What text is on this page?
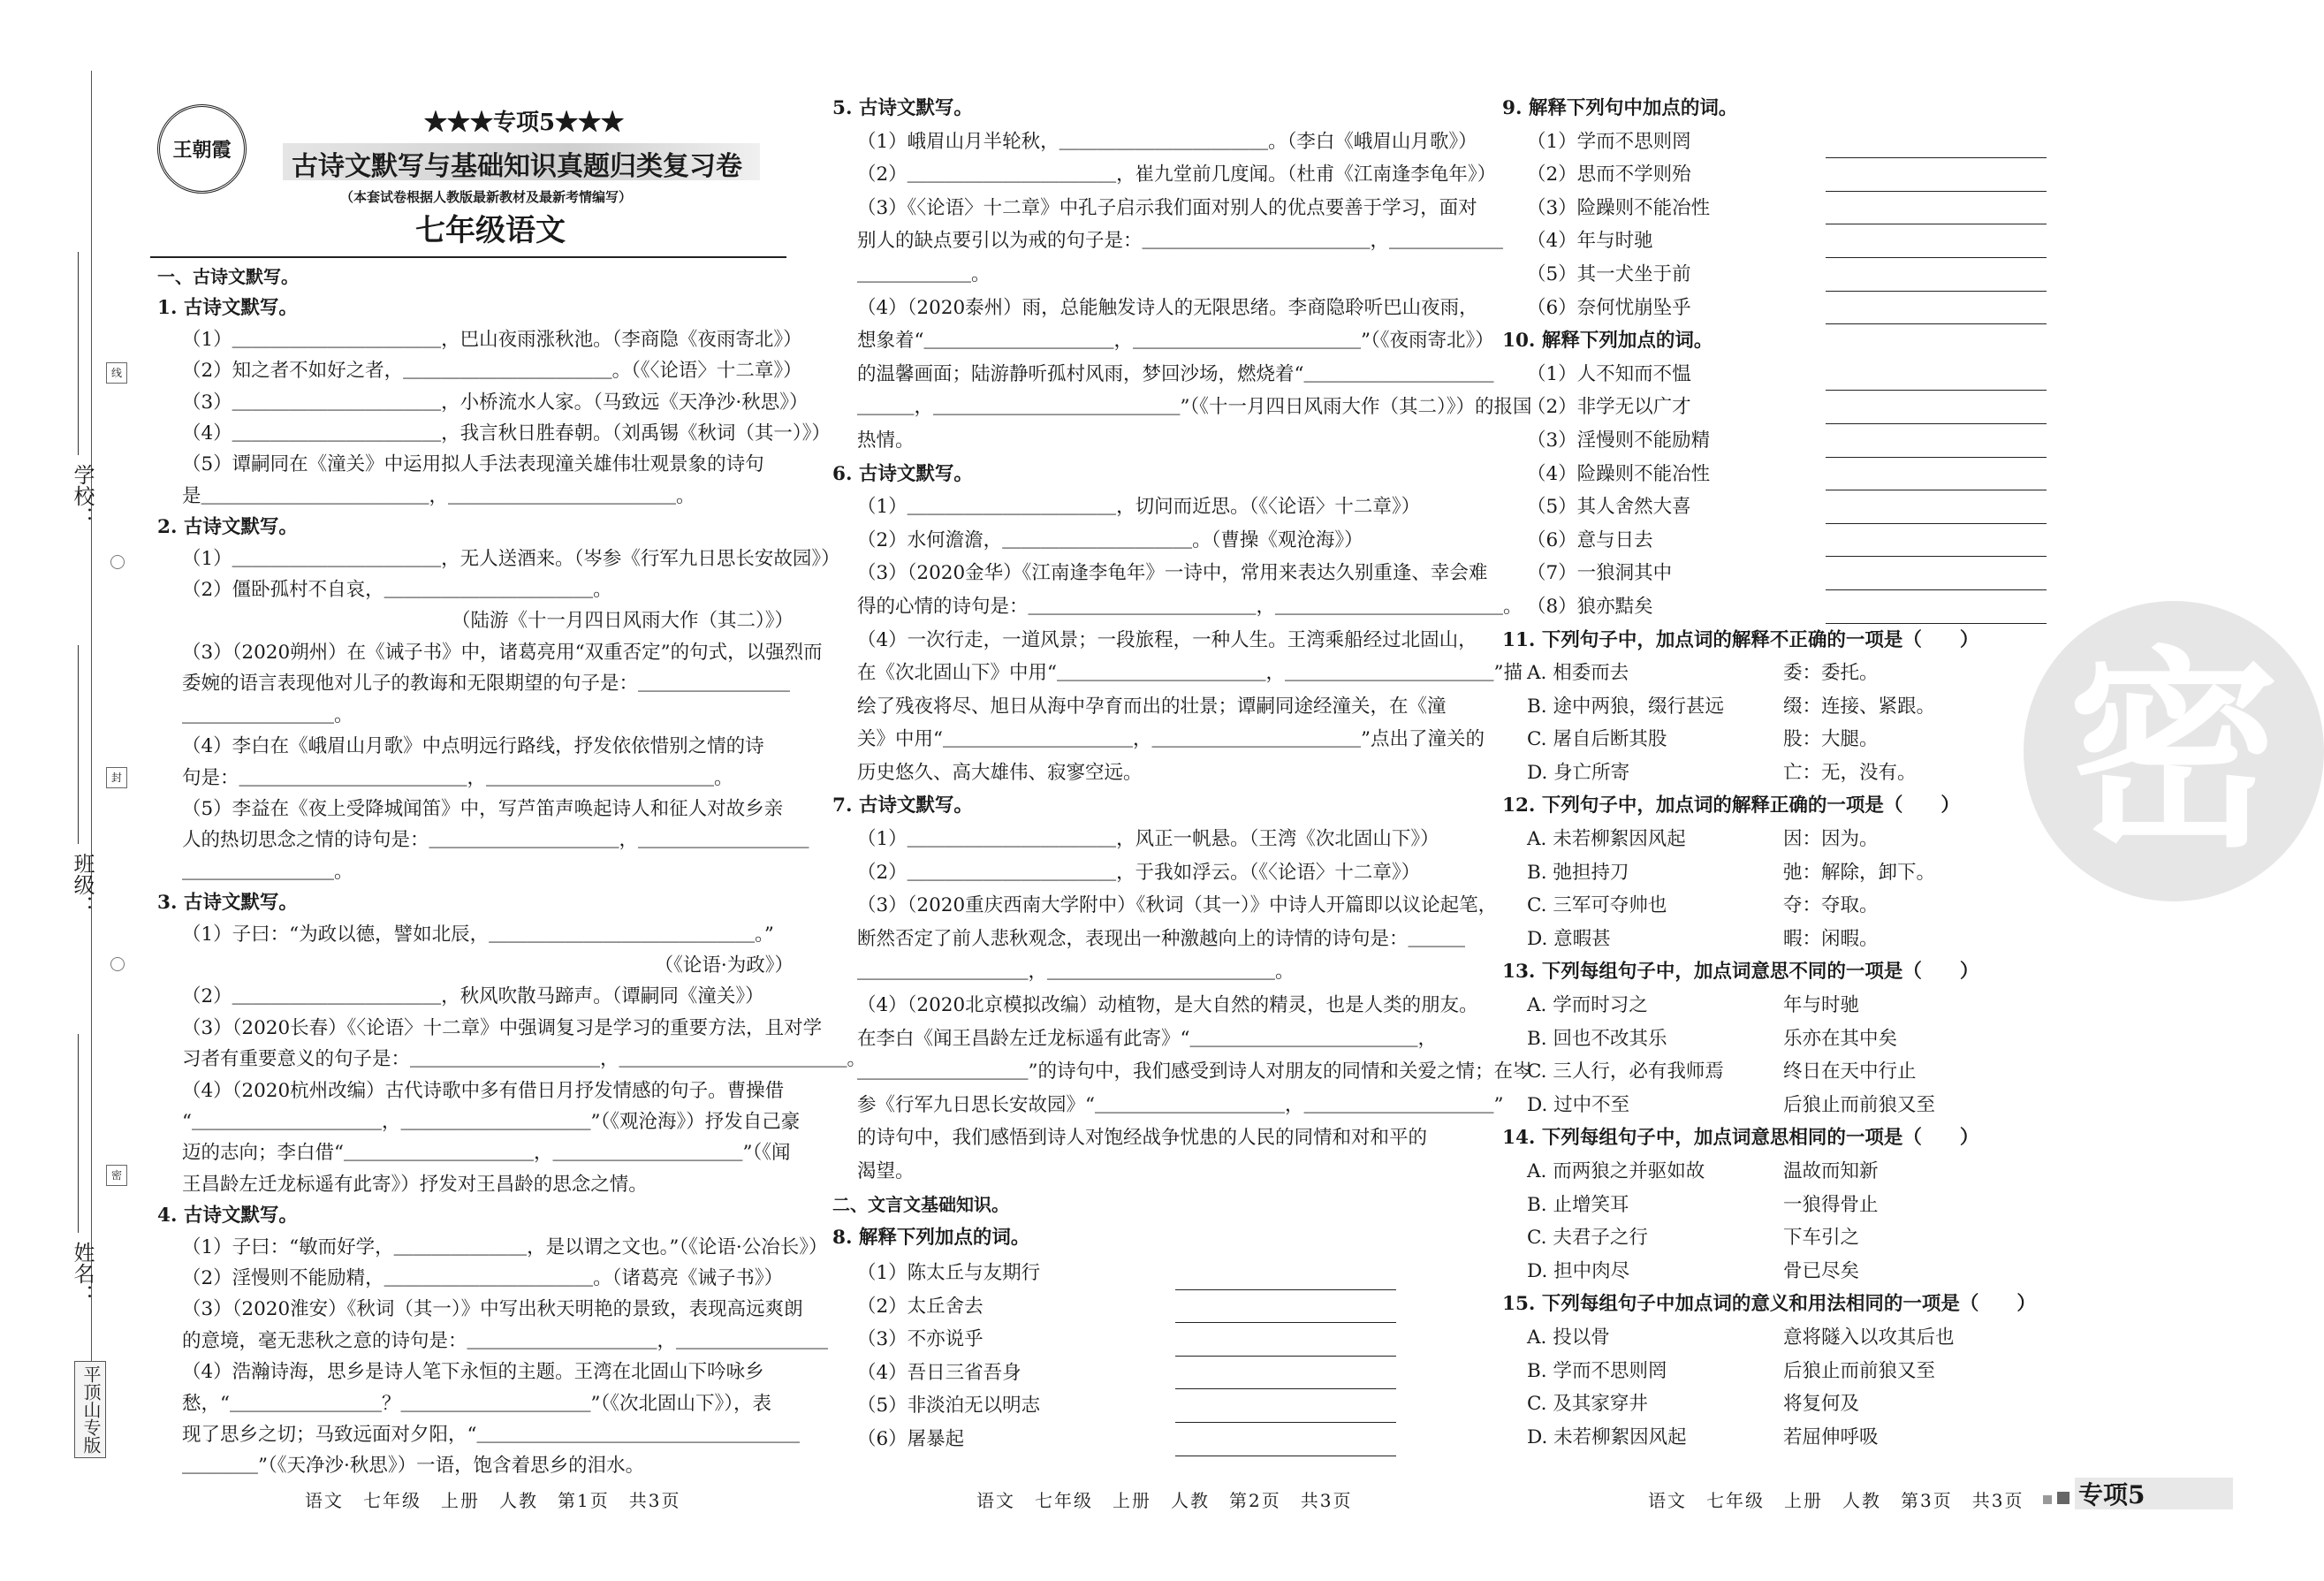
学校：
班级：
姓名：
线
封
密
平顶山专版
王朝霞
★★★专项5★★★
古诗文默写与基础知识真题归类复习卷
（本套试卷根据人教版最新教材及最新考情编写）
七年级语文

一、古诗文默写。

1. 古诗文默写。

（1）＿＿＿＿＿＿＿＿＿＿＿，巴山夜雨涨秋池。（李商隐《夜雨寄北》）

（2）知之者不如好之者，＿＿＿＿＿＿＿＿＿＿＿。（《〈论语〉十二章》）

（3）＿＿＿＿＿＿＿＿＿＿＿，小桥流水人家。（马致远《天净沙·秋思》）

（4）＿＿＿＿＿＿＿＿＿＿＿，我言秋日胜春朝。（刘禹锡《秋词（其一）》）

（5）谭嗣同在《潼关》中运用拟人手法表现潼关雄伟壮观景象的诗句

是＿＿＿＿＿＿＿＿＿＿＿＿，＿＿＿＿＿＿＿＿＿＿＿＿。

2. 古诗文默写。

（1）＿＿＿＿＿＿＿＿＿＿＿，无人送酒来。（岑参《行军九日思长安故园》）

（2）僵卧孤村不自哀，＿＿＿＿＿＿＿＿＿＿＿。

（陆游《十一月四日风雨大作（其二）》）

（3）（2020朔州）在《诫子书》中，诸葛亮用“双重否定”的句式，以强烈而

委婉的语言表现他对儿子的教诲和无限期望的句子是：＿＿＿＿＿＿＿＿

＿＿＿＿＿＿＿＿。

（4）李白在《峨眉山月歌》中点明远行路线，抒发依依惜别之情的诗

句是：＿＿＿＿＿＿＿＿＿＿＿＿，＿＿＿＿＿＿＿＿＿＿＿＿。

（5）李益在《夜上受降城闻笛》中，写芦笛声唤起诗人和征人对故乡亲

人的热切思念之情的诗句是：＿＿＿＿＿＿＿＿＿＿，＿＿＿＿＿＿＿＿＿

＿＿＿＿＿＿＿＿。

3. 古诗文默写。

（1）子曰：“为政以德，譬如北辰，＿＿＿＿＿＿＿＿＿＿＿＿＿＿。”

（《论语·为政》）

（2）＿＿＿＿＿＿＿＿＿＿＿，秋风吹散马蹄声。（谭嗣同《潼关》）

（3）（2020长春）《〈论语〉十二章》中强调复习是学习的重要方法，且对学

习者有重要意义的句子是：＿＿＿＿＿＿＿＿＿＿，＿＿＿＿＿＿＿＿＿＿＿＿。

（4）（2020杭州改编）古代诗歌中多有借日月抒发情感的句子。曹操借

“＿＿＿＿＿＿＿＿＿＿，＿＿＿＿＿＿＿＿＿＿”（《观沧海》）抒发自己豪

迈的志向；李白借“＿＿＿＿＿＿＿＿＿＿，＿＿＿＿＿＿＿＿＿＿”（《闻

王昌龄左迁龙标遥有此寄》）抒发对王昌龄的思念之情。

4. 古诗文默写。

（1）子曰：“敏而好学，＿＿＿＿＿＿＿，是以谓之文也。”（《论语·公冶长》）

（2）淫慢则不能励精，＿＿＿＿＿＿＿＿＿＿＿。（诸葛亮《诫子书》）

（3）（2020淮安）《秋词（其一）》中写出秋天明艳的景致，表现高远爽朗

的意境，毫无悲秋之意的诗句是：＿＿＿＿＿＿＿＿＿＿，＿＿＿＿＿＿＿＿

（4）浩瀚诗海，思乡是诗人笔下永恒的主题。王湾在北固山下吟咏乡

愁，“＿＿＿＿＿＿＿＿？＿＿＿＿＿＿＿＿＿＿”（《次北固山下》），表

现了思乡之切；马致远面对夕阳，“＿＿＿＿＿＿＿＿＿＿＿＿＿＿＿＿＿

＿＿＿＿”（《天净沙·秋思》）一语，饱含着思乡的泪水。

5. 古诗文默写。

（1）峨眉山月半轮秋，＿＿＿＿＿＿＿＿＿＿＿。（李白《峨眉山月歌》）

（2）＿＿＿＿＿＿＿＿＿＿＿，崔九堂前几度闻。（杜甫《江南逢李龟年》）

（3）《〈论语〉十二章》中孔子启示我们面对别人的优点要善于学习，面对

别人的缺点要引以为戒的句子是：＿＿＿＿＿＿＿＿＿＿＿＿，＿＿＿＿＿＿

＿＿＿＿＿＿。

（4）（2020泰州）雨，总能触发诗人的无限思绪。李商隐聆听巴山夜雨，

想象着“＿＿＿＿＿＿＿＿＿＿，＿＿＿＿＿＿＿＿＿＿＿＿”（《夜雨寄北》）

的温馨画面；陆游静听孤村风雨，梦回沙场，燃烧着“＿＿＿＿＿＿＿＿＿＿

＿＿＿，＿＿＿＿＿＿＿＿＿＿＿＿＿”（《十一月四日风雨大作（其二）》）的报国

热情。

6. 古诗文默写。

（1）＿＿＿＿＿＿＿＿＿＿＿，切问而近思。（《〈论语〉十二章》）

（2）水何澹澹，＿＿＿＿＿＿＿＿＿＿。（曹操《观沧海》）

（3）（2020金华）《江南逢李龟年》一诗中，常用来表达久别重逢、幸会难

得的心情的诗句是：＿＿＿＿＿＿＿＿＿＿＿＿，＿＿＿＿＿＿＿＿＿＿＿＿。

（4）一次行走，一道风景；一段旅程，一种人生。王湾乘船经过北固山，

在《次北固山下》中用“＿＿＿＿＿＿＿＿＿＿＿，＿＿＿＿＿＿＿＿＿＿＿”描

绘了残夜将尽、旭日从海中孕育而出的壮景；谭嗣同途经潼关，在《潼

关》中用“＿＿＿＿＿＿＿＿＿＿，＿＿＿＿＿＿＿＿＿＿＿”点出了潼关的

历史悠久、高大雄伟、寂寥空远。

7. 古诗文默写。

（1）＿＿＿＿＿＿＿＿＿＿＿，风正一帆悬。（王湾《次北固山下》）

（2）＿＿＿＿＿＿＿＿＿＿＿，于我如浮云。（《〈论语〉十二章》）

（3）（2020重庆西南大学附中）《秋词（其一）》中诗人开篇即以议论起笔，

断然否定了前人悲秋观念，表现出一种激越向上的诗情的诗句是：＿＿＿

＿＿＿＿＿＿＿＿＿，＿＿＿＿＿＿＿＿＿＿＿＿。

（4）（2020北京模拟改编）动植物，是大自然的精灵，也是人类的朋友。

在李白《闻王昌龄左迁龙标遥有此寄》“＿＿＿＿＿＿＿＿＿＿＿＿，

＿＿＿＿＿＿＿＿＿”的诗句中，我们感受到诗人对朋友的同情和关爱之情；在岑

参《行军九日思长安故园》“＿＿＿＿＿＿＿＿＿＿，＿＿＿＿＿＿＿＿＿＿”

的诗句中，我们感悟到诗人对饱经战争忧患的人民的同情和对和平的

渴望。

二、文言文基础知识。

8. 解释下列加点的词。

（1）陈太丘与友期行

（2）太丘舍去

（3）不亦说乎

（4）吾日三省吾身

（5）非淡泊无以明志

（6）屠暴起

9. 解释下列句中加点的词。

（1）学而不思则罔

（2）思而不学则殆

（3）险躁则不能冶性

（4）年与时驰

（5）其一犬坐于前

（6）奈何忧崩坠乎

10. 解释下列加点的词。

（1）人不知而不愠

（2）非学无以广才

（3）淫慢则不能励精

（4）险躁则不能冶性

（5）其人舍然大喜

（6）意与日去

（7）一狼洞其中

（8）狼亦黠矣

11. 下列句子中，加点词的解释不正确的一项是（　　）

A. 相委而去	委：委托。

B. 途中两狼，缀行甚远	缀：连接、紧跟。

C. 屠自后断其股	股：大腿。

D. 身亡所寄	亡：无，没有。

12. 下列句子中，加点词的解释正确的一项是（　　）

A. 未若柳絮因风起	因：因为。

B. 弛担持刀	弛：解除，卸下。

C. 三军可夺帅也	夺：夺取。

D. 意暇甚	暇：闲暇。

13. 下列每组句子中，加点词意思不同的一项是（　　）

A. 学而时习之	年与时驰

B. 回也不改其乐	乐亦在其中矣

C. 三人行，必有我师焉	终日在天中行止

D. 过中不至	后狼止而前狼又至

14. 下列每组句子中，加点词意思相同的一项是（　　）

A. 而两狼之并驱如故	温故而知新

B. 止增笑耳	一狼得骨止

C. 夫君子之行	下车引之

D. 担中肉尽	骨已尽矣

15. 下列每组句子中加点词的意义和用法相同的一项是（　　）

A. 投以骨	意将隧入以攻其后也

B. 学而不思则罔	后狼止而前狼又至

C. 及其家穿井	将复何及

D. 未若柳絮因风起	若屈伸呼吸

密
语文　七年级　上册　人教　第1页　共3页	语文　七年级　上册　人教　第2页　共3页	语文　七年级　上册　人教　第3页　共3页 专项5
